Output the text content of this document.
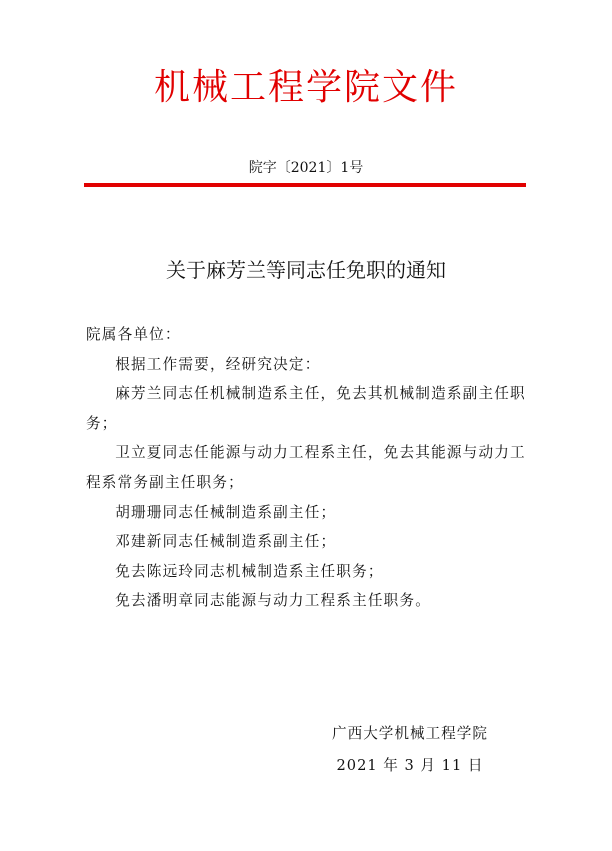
机械工程学院文件
院字〔2021〕1号
关于麻芳兰等同志任免职的通知

院属各单位：

根据工作需要，经研究决定：

麻芳兰同志任机械制造系主任，免去其机械制造系副主任职务；

卫立夏同志任能源与动力工程系主任，免去其能源与动力工程系常务副主任职务；

胡珊珊同志任械制造系副主任；

邓建新同志任械制造系副主任；

免去陈远玲同志机械制造系主任职务；

免去潘明章同志能源与动力工程系主任职务。

广西大学机械工程学院
2021 年 3 月 11 日
